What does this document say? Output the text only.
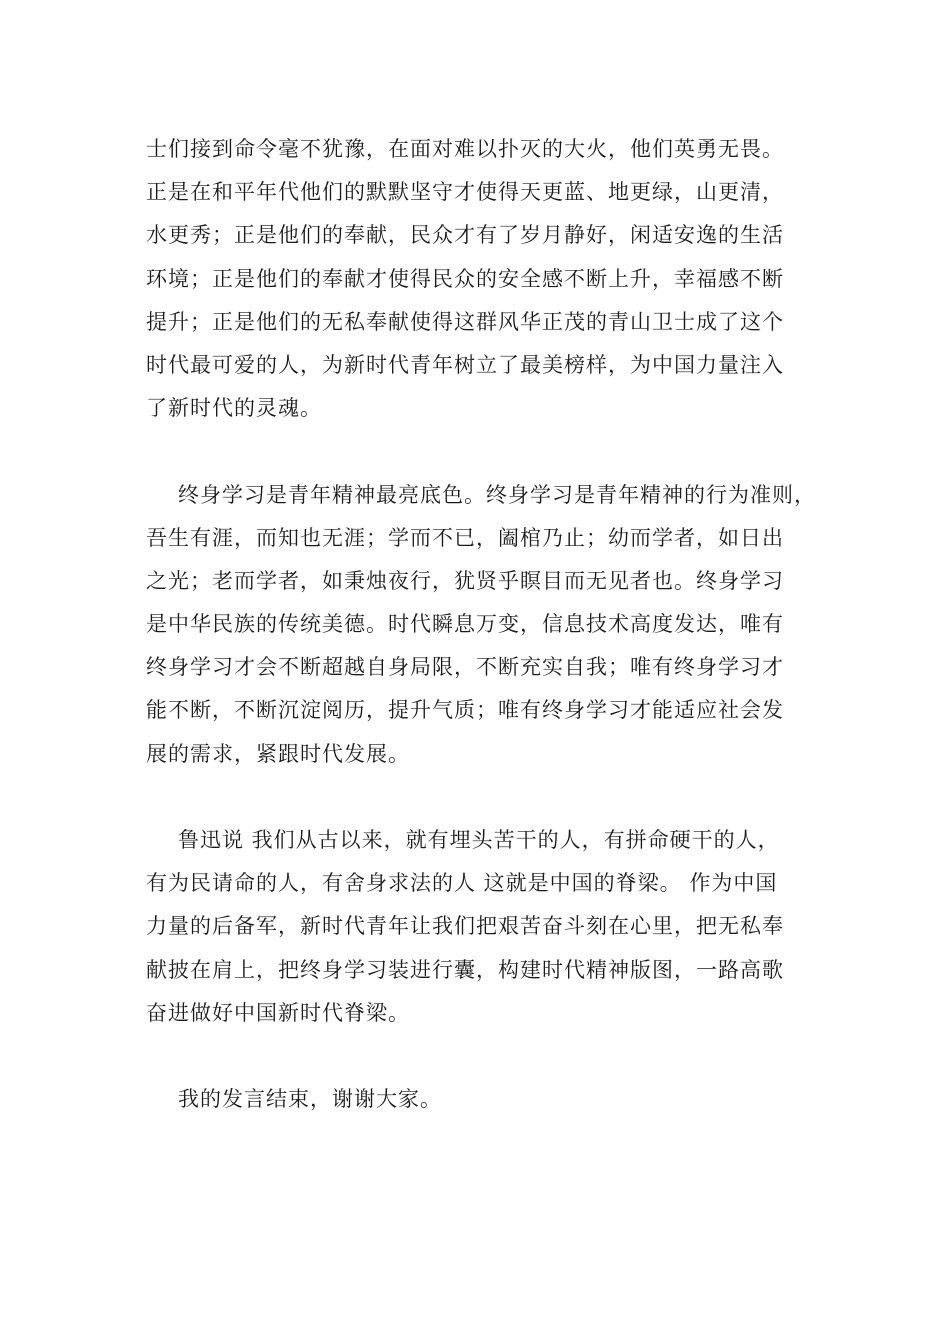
士们接到命令毫不犹豫，在面对难以扑灭的大火，他们英勇无畏。
正是在和平年代他们的默默坚守才使得天更蓝、地更绿，山更清，
水更秀；正是他们的奉献，民众才有了岁月静好，闲适安逸的生活
环境；正是他们的奉献才使得民众的安全感不断上升，幸福感不断
提升；正是他们的无私奉献使得这群风华正茂的青山卫士成了这个
时代最可爱的人，为新时代青年树立了最美榜样，为中国力量注入
了新时代的灵魂。
终身学习是青年精神最亮底色。终身学习是青年精神的行为准则，
吾生有涯，而知也无涯；学而不已，阖棺乃止；幼而学者，如日出
之光；老而学者，如秉烛夜行，犹贤乎瞑目而无见者也。终身学习
是中华民族的传统美德。时代瞬息万变，信息技术高度发达，唯有
终身学习才会不断超越自身局限，不断充实自我；唯有终身学习才
能不断，不断沉淀阅历，提升气质；唯有终身学习才能适应社会发
展的需求，紧跟时代发展。
鲁迅说 我们从古以来，就有埋头苦干的人，有拼命硬干的人，
有为民请命的人，有舍身求法的人 这就是中国的脊梁。 作为中国
力量的后备军，新时代青年让我们把艰苦奋斗刻在心里，把无私奉
献披在肩上，把终身学习装进行囊，构建时代精神版图，一路高歌
奋进做好中国新时代脊梁。
我的发言结束，谢谢大家。
